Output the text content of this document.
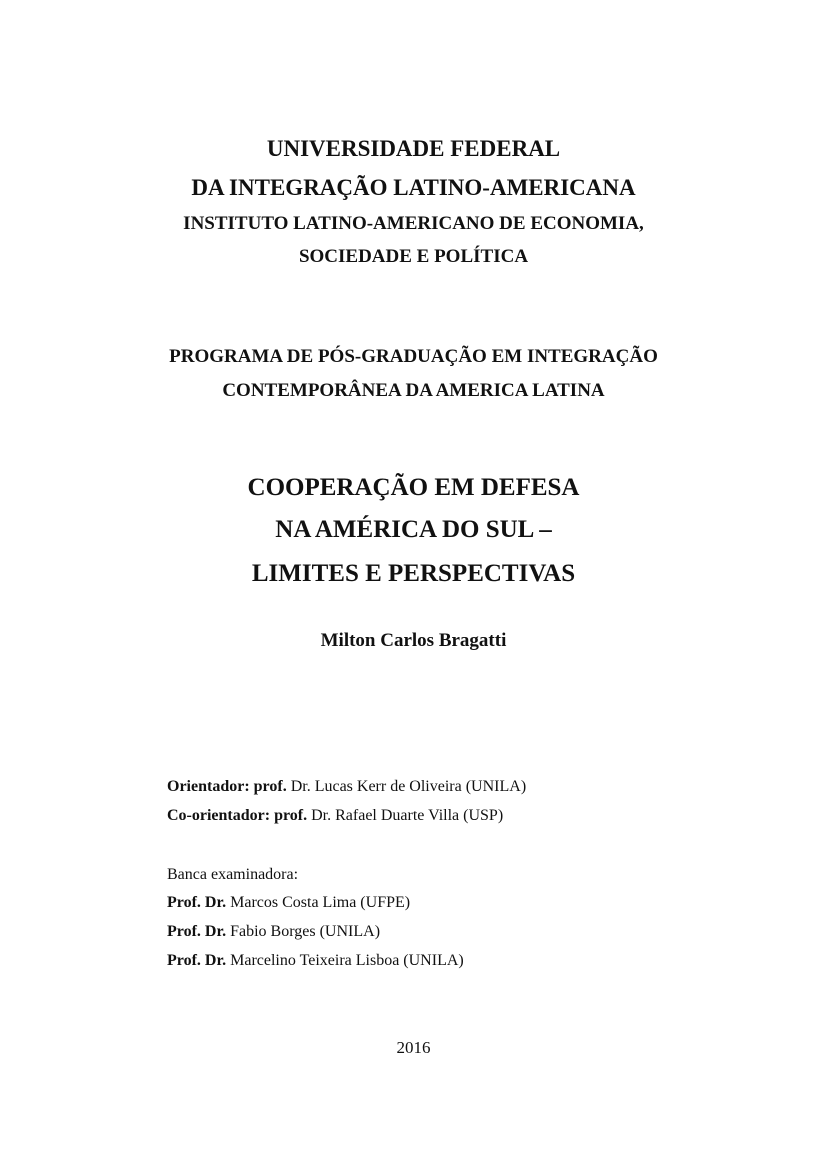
UNIVERSIDADE FEDERAL
DA INTEGRAÇÃO LATINO-AMERICANA
INSTITUTO LATINO-AMERICANO DE ECONOMIA,
SOCIEDADE E POLÍTICA
PROGRAMA DE PÓS-GRADUAÇÃO EM INTEGRAÇÃO
CONTEMPORÂNEA DA AMERICA LATINA
COOPERAÇÃO EM DEFESA
NA AMÉRICA DO SUL –
LIMITES E PERSPECTIVAS
Milton Carlos Bragatti
Orientador: prof. Dr. Lucas Kerr de Oliveira (UNILA)
Co-orientador: prof. Dr. Rafael Duarte Villa (USP)
Banca examinadora:
Prof. Dr. Marcos Costa Lima (UFPE)
Prof. Dr. Fabio Borges (UNILA)
Prof. Dr. Marcelino Teixeira Lisboa (UNILA)
2016
